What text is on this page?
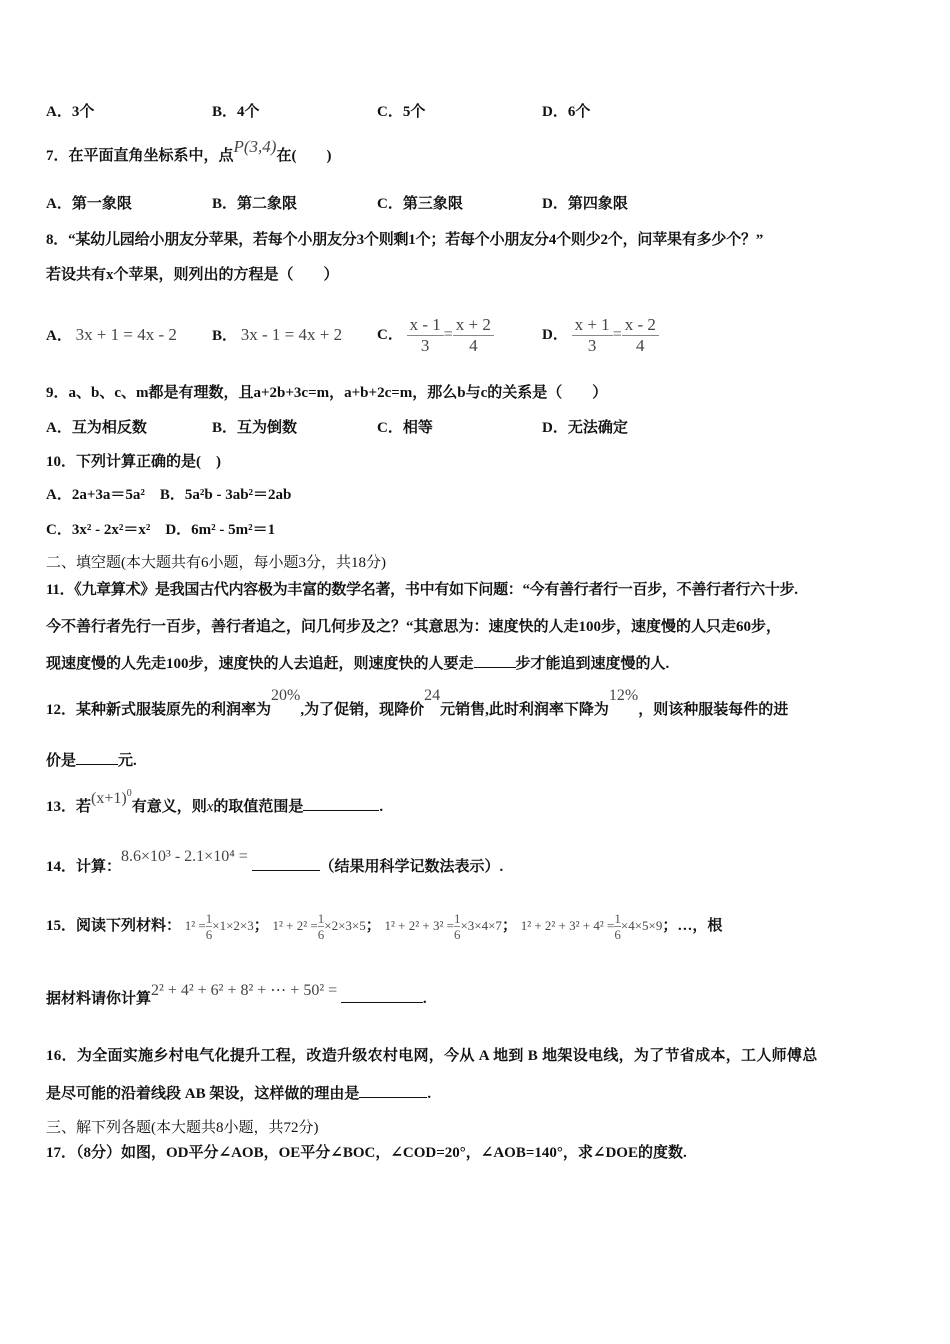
A．3个	B．4个	C．5个	D．6个
7．在平面直角坐标系中，点P(3,4)在(　　)
A．第一象限	B．第二象限	C．第三象限	D．第四象限
8．“某幼儿园给小朋友分苹果，若每个小朋友分3个则剩1个；若每个小朋友分4个则少2个，问苹果有多少个？”
若设共有x个苹果，则列出的方程是（　　）
A． 3x + 1 = 4x - 2 B． 3x - 1 = 4x + 2 C． $\frac{x - 1}{3} = \frac{x + 2}{4}$	D． $\frac{x + 1}{3} = \frac{x - 2}{4}$
9．a、b、c、m都是有理数，且a+2b+3c=m，a+b+2c=m，那么b与c的关系是（　　）
A．互为相反数	B．互为倒数	C．相等	D．无法确定
10．下列计算正确的是(　)
A．2a+3a＝5a²　B．5a²b - 3ab²＝2ab
C．3x² - 2x²＝x²　D．6m² - 5m²＝1
二、填空题(本大题共有6小题，每小题3分，共18分)
11．《九章算术》是我国古代内容极为丰富的数学名著，书中有如下问题：“今有善行者行一百步，不善行者行六十步.
今不善行者先行一百步，善行者追之，问几何步及之？“其意思为：速度快的人走100步，速度慢的人只走60步，
现速度慢的人先走100步，速度快的人去追赶，则速度快的人要走	步才能追到速度慢的人.
12．某种新式服装原先的利润率为20%,为了促销，现降价24元销售,此时利润率下降为12%，则该种服装每件的进
价是	元.
13．若$(x+1)^0$有意义，则x的取值范围是	.
14．计算：8.6×10³ - 2.1×10⁴ = （结果用科学记数法表示）.
15．阅读下列材料： $1^2 = \frac{1}{6}\times 1\times 2\times 3$； $1^2 + 2^2 = \frac{1}{6}\times 2\times 3\times 5$； $1^2 + 2^2 + 3^2 = \frac{1}{6}\times 3\times 4\times 7$； $1^2 + 2^2 + 3^2 + 4^2 = \frac{1}{6}\times 4\times 5\times 9$；…，根
据材料请你计算2² + 4² + 6² + 8² + ⋯ + 50² =	.
16．为全面实施乡村电气化提升工程，改造升级农村电网，今从 A 地到 B 地架设电线，为了节省成本，工人师傅总
是尽可能的沿着线段 AB 架设，这样做的理由是	.
三、解下列各题(本大题共8小题，共72分)
17．（8分）如图，OD平分∠AOB，OE平分∠BOC，∠COD=20°，∠AOB=140°，求∠DOE的度数.
